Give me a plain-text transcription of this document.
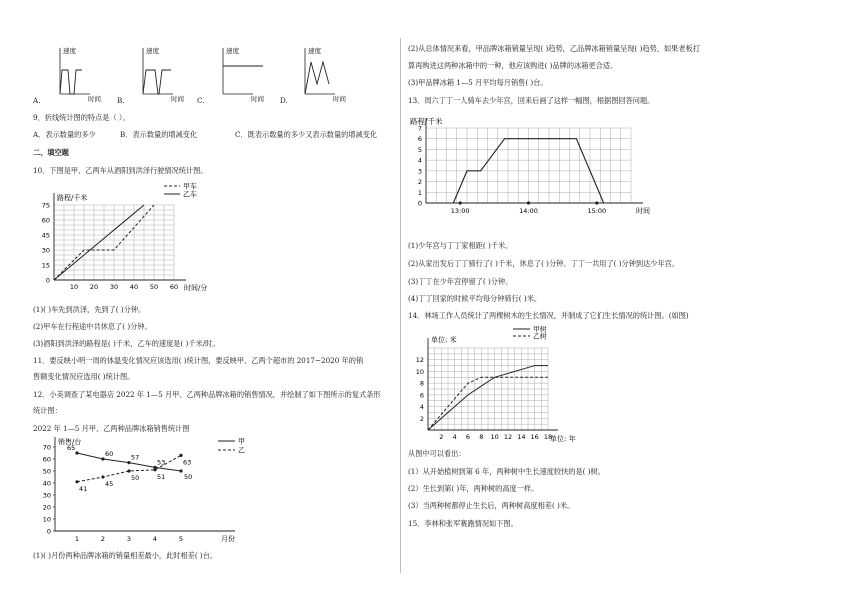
速度
时间
速度
时间
速度
时间
速度
时间
A.	B.	C.	D.
9．折线统计图的特点是（ ）。
A．表示数量的多少	B．表示数量的增减变化	C．既表示数量的多少又表示数量的增减变化
二、填空题
10．下图是甲、乙两车从酒阳到洪泽行驶情况统计图。
路程/千米
时间/分
0
15
30
45
60
75
10 20 30 40 50 60
甲车
乙车
(1)( )车先到洪泽，先到了( )分钟。
(2)甲车在行程途中共休息了( )分钟。
(3)酒阳到洪泽的路程是( )千米，乙车的速度是( )千米/时。
11．要反映小明一周的体温变化情况应该选用( )统计图，要反映甲、乙两个超市的 2017~2020 年的销
售额变化情况应选用( )统计图。
12．小美调查了某电器店 2022 年 1—5 月甲、乙两种品牌冰箱的销售情况，并绘制了如下图所示的复式条形
统计图：
2022 年 1—5 月甲、乙两种品牌冰箱销售统计图
销售/台
月份
0
10
20
30
40
50
60
70
1	2	3	4	5
65
60	57
53
50
甲
41
45
50	51
63
乙
(1)( )月份两种品牌冰箱的销量相差最小，此时相差( )台。
(2)从总体情况来看，甲品牌冰箱销量呈现( )趋势，乙品牌冰箱销量呈现( )趋势，如果老板打
算再购进这两种冰箱中的一种，他应该购进( )品牌的冰箱更合适。
(3)甲品牌冰箱 1—5 月平均每月销售( )台。
13．周六丁丁一人骑车去少年宫，回来后画了这样一幅图，根据图回答问题。
路程/千米
时间
0
1
2
3
4
5
6
7
13:00	14:00	15:00
(1)少年宫与丁丁家相距( )千米。
(2)从家出发后丁丁骑行了( )千米，休息了( )分钟。丁丁一共用了( )分钟到达少年宫。
(3)丁丁在少年宫停留了( )分钟。
(4)丁丁回家的时候平均每分钟骑行( )米。
14．林场工作人员统计了两棵树木的生长情况，并制成了它们生长情况的统计图。(如图)
单位: 米
单位: 年
2
4
6
8
10
12
2 4 6 8 10 12 14 16 18
甲树
乙树
从图中可以看出：
(1）从开始植树到第 6 年，两种树中生长速度较快的是( )树。
(2）生长到第( )年，两种树的高度一样。
(3）当两种树都停止生长后，两种树高度相差( )米。
15．李林和张军赛跑情况如下图。
